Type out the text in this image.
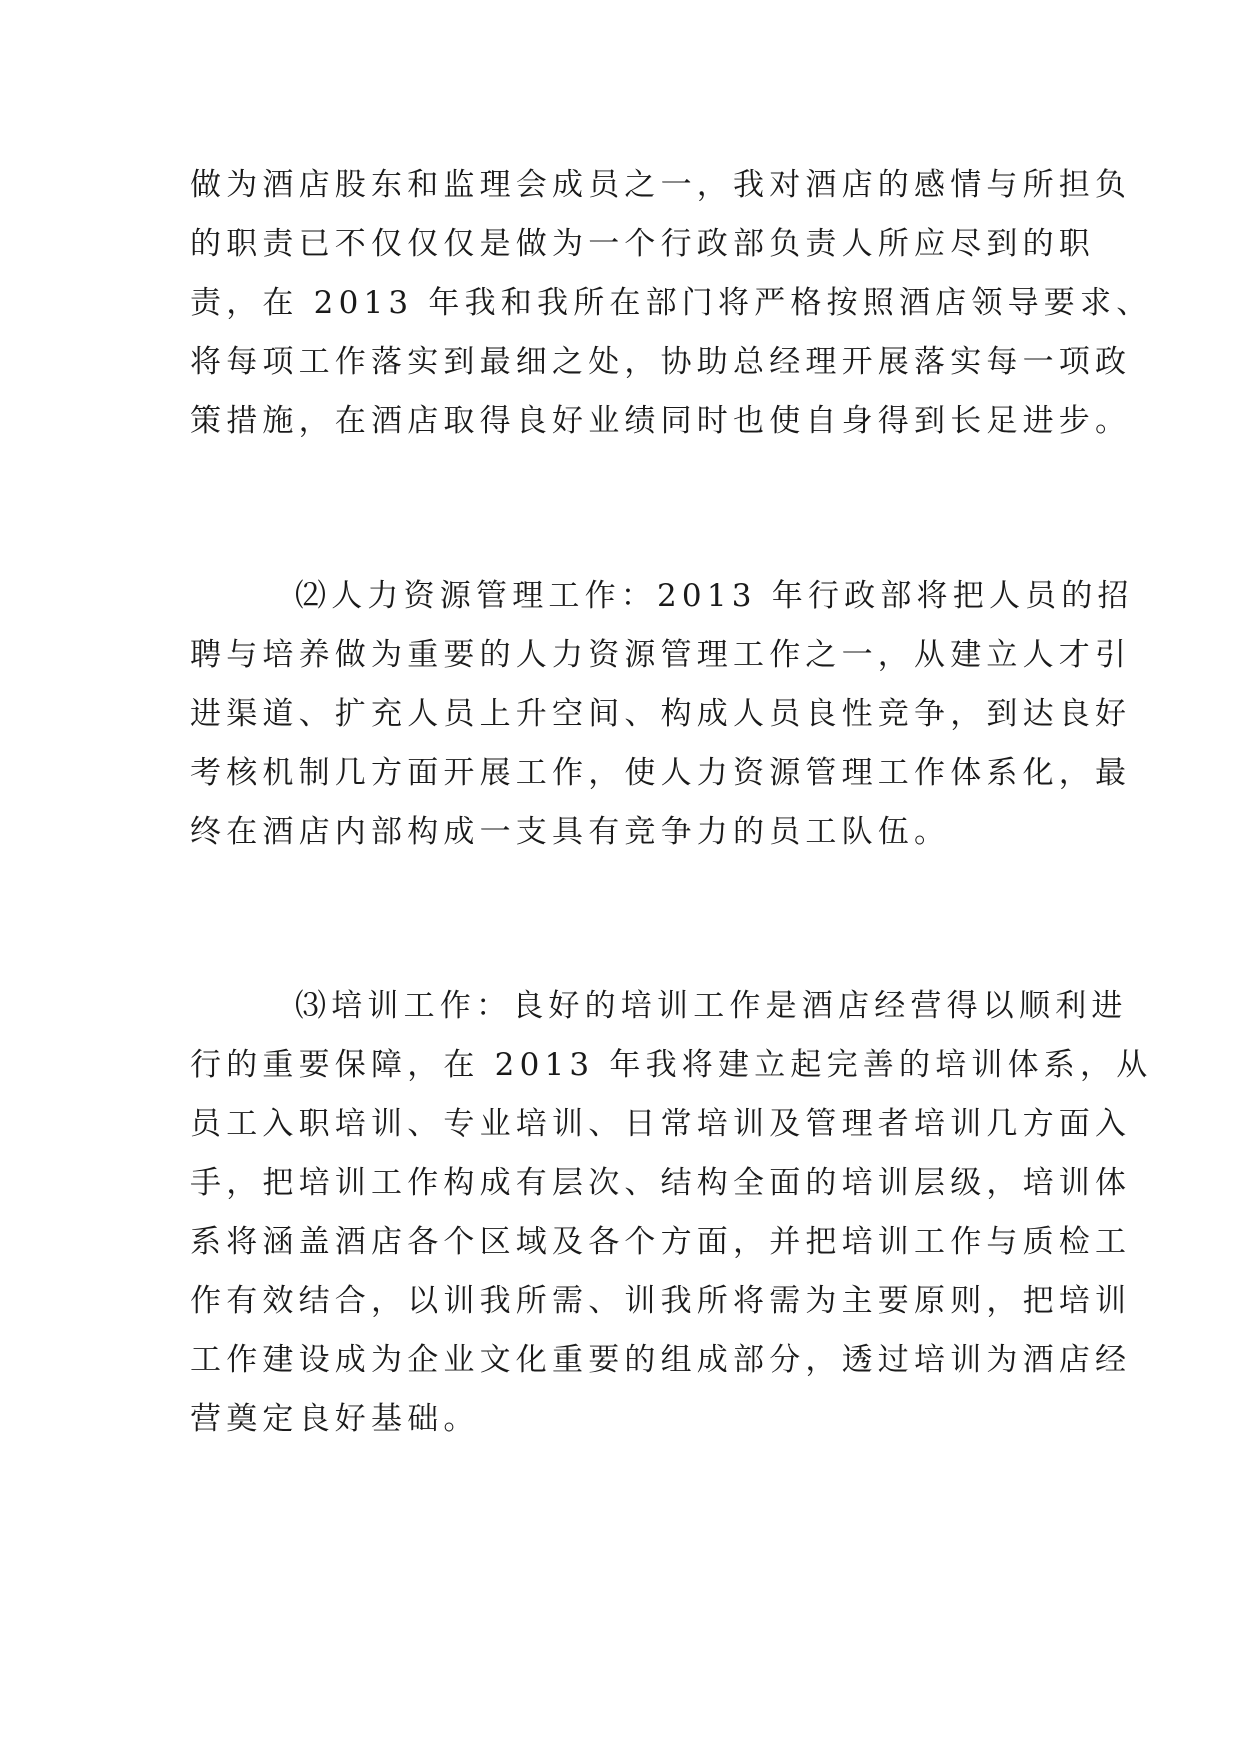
做为酒店股东和监理会成员之一，我对酒店的感情与所担负
的职责已不仅仅仅是做为一个行政部负责人所应尽到的职
责，在 2013 年我和我所在部门将严格按照酒店领导要求、
将每项工作落实到最细之处，协助总经理开展落实每一项政
策措施，在酒店取得良好业绩同时也使自身得到长足进步。
⑵人力资源管理工作：2013 年行政部将把人员的招
聘与培养做为重要的人力资源管理工作之一，从建立人才引
进渠道、扩充人员上升空间、构成人员良性竞争，到达良好
考核机制几方面开展工作，使人力资源管理工作体系化，最
终在酒店内部构成一支具有竞争力的员工队伍。
⑶培训工作：良好的培训工作是酒店经营得以顺利进
行的重要保障，在 2013 年我将建立起完善的培训体系，从
员工入职培训、专业培训、日常培训及管理者培训几方面入
手，把培训工作构成有层次、结构全面的培训层级，培训体
系将涵盖酒店各个区域及各个方面，并把培训工作与质检工
作有效结合，以训我所需、训我所将需为主要原则，把培训
工作建设成为企业文化重要的组成部分，透过培训为酒店经
营奠定良好基础。
